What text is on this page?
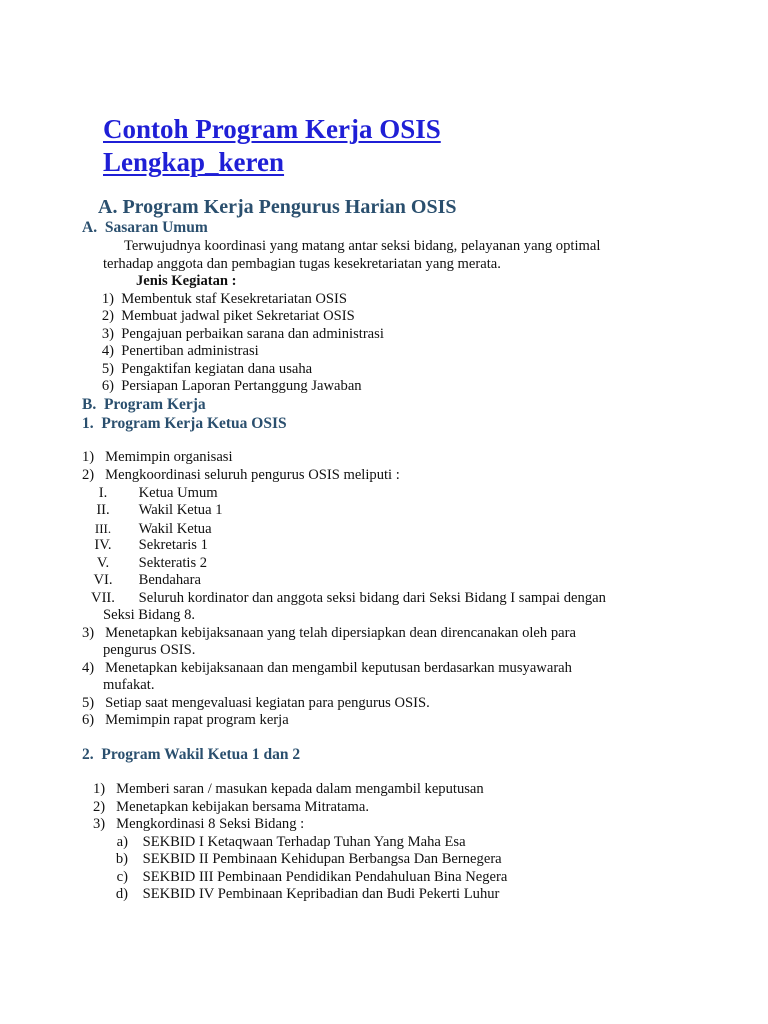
Contoh Program Kerja OSIS
Lengkap_keren
A. Program Kerja Pengurus Harian OSIS
A. Sasaran Umum
Terwujudnya koordinasi yang matang antar seksi bidang, pelayanan yang optimal
terhadap anggota dan pembagian tugas kesekretariatan yang merata.
Jenis Kegiatan :
1) Membentuk staf Kesekretariatan OSIS
2) Membuat jadwal piket Sekretariat OSIS
3) Pengajuan perbaikan sarana dan administrasi
4) Penertiban administrasi
5) Pengaktifan kegiatan dana usaha
6) Persiapan Laporan Pertanggung Jawaban
B. Program Kerja
1. Program Kerja Ketua OSIS
1) Memimpin organisasi
2) Mengkoordinasi seluruh pengurus OSIS meliputi :
I. Ketua Umum
II. Wakil Ketua 1
III. Wakil Ketua
IV. Sekretaris 1
V. Sekteratis 2
VI. Bendahara
VII. Seluruh kordinator dan anggota seksi bidang dari Seksi Bidang I sampai dengan
Seksi Bidang 8.
3) Menetapkan kebijaksanaan yang telah dipersiapkan dean direncanakan oleh para
pengurus OSIS.
4) Menetapkan kebijaksanaan dan mengambil keputusan berdasarkan musyawarah
mufakat.
5) Setiap saat mengevaluasi kegiatan para pengurus OSIS.
6) Memimpin rapat program kerja
2. Program Wakil Ketua 1 dan 2
1) Memberi saran / masukan kepada dalam mengambil keputusan
2) Menetapkan kebijakan bersama Mitratama.
3) Mengkordinasi 8 Seksi Bidang :
a) SEKBID I Ketaqwaan Terhadap Tuhan Yang Maha Esa
b) SEKBID II Pembinaan Kehidupan Berbangsa Dan Bernegera
c) SEKBID III Pembinaan Pendidikan Pendahuluan Bina Negera
d) SEKBID IV Pembinaan Kepribadian dan Budi Pekerti Luhur
